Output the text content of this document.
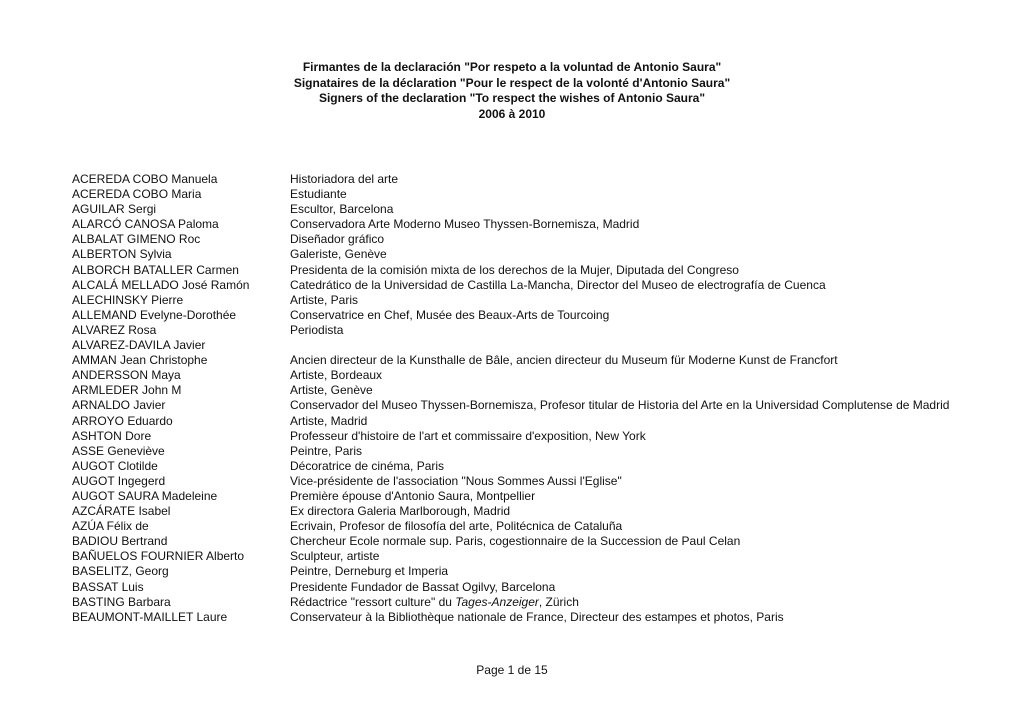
Firmantes de la declaración "Por respeto a la voluntad de Antonio Saura"
Signataires de la déclaration "Pour le respect de la volonté d'Antonio Saura"
Signers of the declaration "To respect the wishes of Antonio Saura"
2006 à 2010
ACEREDA COBO Manuela	Historiadora del arte
ACEREDA COBO Maria	Estudiante
AGUILAR Sergi	Escultor, Barcelona
ALARCÓ CANOSA Paloma	Conservadora Arte Moderno Museo Thyssen-Bornemisza, Madrid
ALBALAT GIMENO Roc	Diseñador gráfico
ALBERTON Sylvia	Galeriste, Genève
ALBORCH BATALLER Carmen	Presidenta de la comisión mixta de los derechos de la Mujer, Diputada del Congreso
ALCALÁ MELLADO José Ramón	Catedrático de la Universidad de Castilla La-Mancha, Director del Museo de electrografía de Cuenca
ALECHINSKY Pierre	Artiste, Paris
ALLEMAND Evelyne-Dorothée	Conservatrice en Chef, Musée des Beaux-Arts de Tourcoing
ALVAREZ Rosa	Periodista
ALVAREZ-DAVILA Javier
AMMAN Jean Christophe	Ancien directeur de la Kunsthalle de Bâle, ancien directeur du Museum für Moderne Kunst de Francfort
ANDERSSON Maya	Artiste, Bordeaux
ARMLEDER John M	Artiste, Genève
ARNALDO Javier	Conservador del Museo Thyssen-Bornemisza, Profesor titular de Historia del Arte en la Universidad Complutense de Madrid
ARROYO Eduardo	Artiste, Madrid
ASHTON Dore	Professeur d'histoire de l'art et commissaire d'exposition, New York
ASSE Geneviève	Peintre, Paris
AUGOT Clotilde	Décoratrice de cinéma, Paris
AUGOT Ingegerd	Vice-présidente de l'association "Nous Sommes Aussi l'Eglise"
AUGOT SAURA Madeleine	Première épouse d'Antonio Saura, Montpellier
AZCÁRATE Isabel	Ex directora Galeria Marlborough, Madrid
AZÚA Félix de	Ecrivain, Profesor de filosofía del arte, Politécnica de Cataluña
BADIOU Bertrand	Chercheur Ecole normale sup. Paris, cogestionnaire de la Succession de Paul Celan
BAÑUELOS FOURNIER Alberto	Sculpteur, artiste
BASELITZ, Georg	Peintre, Derneburg et Imperia
BASSAT Luis	Presidente Fundador de Bassat Ogilvy, Barcelona
BASTING Barbara	Rédactrice "ressort culture" du Tages-Anzeiger, Zürich
BEAUMONT-MAILLET Laure	Conservateur à la Bibliothèque nationale de France, Directeur des estampes et photos, Paris
Page 1 de 15
